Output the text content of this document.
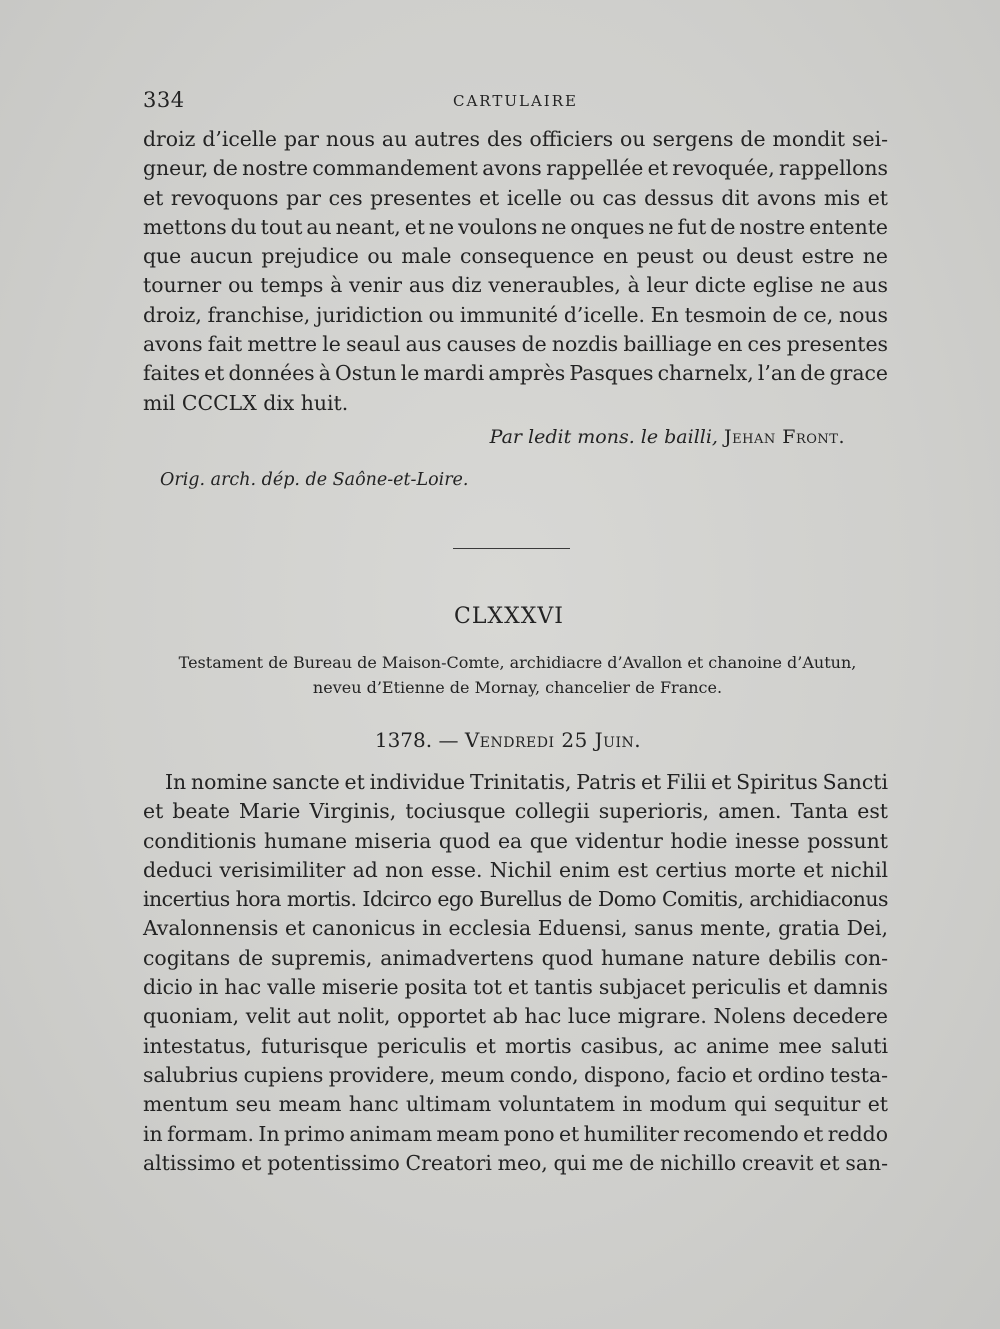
334	CARTULAIRE
droiz d’icelle par nous au autres des officiers ou sergens de mondit sei-
gneur, de nostre commandement avons rappellée et revoquée, rappellons
et revoquons par ces presentes et icelle ou cas dessus dit avons mis et
mettons du tout au neant, et ne voulons ne onques ne fut de nostre entente
que aucun prejudice ou male consequence en peust ou deust estre ne
tourner ou temps à venir aus diz veneraubles, à leur dicte eglise ne aus
droiz, franchise, juridiction ou immunité d’icelle. En tesmoin de ce, nous
avons fait mettre le seaul aus causes de nozdis bailliage en ces presentes
faites et données à Ostun le mardi amprès Pasques charnelx, l’an de grace
mil CCCLX dix huit.
Par ledit mons. le bailli, Jehan Front.
Orig. arch. dép. de Saône-et-Loire.
CLXXXVI
Testament de Bureau de Maison-Comte, archidiacre d’Avallon et chanoine d’Autun,
neveu d’Etienne de Mornay, chancelier de France.
1378. — Vendredi 25 Juin.
In nomine sancte et individue Trinitatis, Patris et Filii et Spiritus Sancti
et beate Marie Virginis, tociusque collegii superioris, amen. Tanta est
conditionis humane miseria quod ea que videntur hodie inesse possunt
deduci verisimiliter ad non esse. Nichil enim est certius morte et nichil
incertius hora mortis. Idcirco ego Burellus de Domo Comitis, archidiaconus
Avalonnensis et canonicus in ecclesia Eduensi, sanus mente, gratia Dei,
cogitans de supremis, animadvertens quod humane nature debilis con-
dicio in hac valle miserie posita tot et tantis subjacet periculis et damnis
quoniam, velit aut nolit, opportet ab hac luce migrare. Nolens decedere
intestatus, futurisque periculis et mortis casibus, ac anime mee saluti
salubrius cupiens providere, meum condo, dispono, facio et ordino testa-
mentum seu meam hanc ultimam voluntatem in modum qui sequitur et
in formam. In primo animam meam pono et humiliter recomendo et reddo
altissimo et potentissimo Creatori meo, qui me de nichillo creavit et san-
